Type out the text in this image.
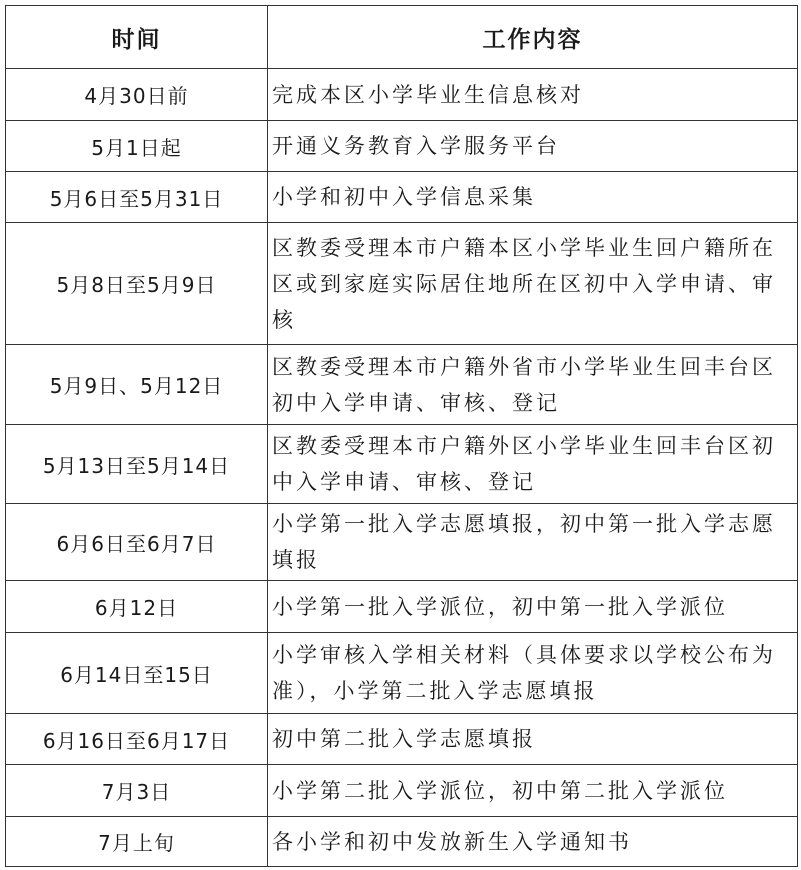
时间	工作内容
4月30日前	完成本区小学毕业生信息核对
5月1日起	开通义务教育入学服务平台
5月6日至5月31日	小学和初中入学信息采集
5月8日至5月9日	区教委受理本市户籍本区小学毕业生回户籍所在区或到家庭实际居住地所在区初中入学申请、审核
5月9日、5月12日	区教委受理本市户籍外省市小学毕业生回丰台区初中入学申请、审核、登记
5月13日至5月14日	区教委受理本市户籍外区小学毕业生回丰台区初中入学申请、审核、登记
6月6日至6月7日	小学第一批入学志愿填报，初中第一批入学志愿填报
6月12日	小学第一批入学派位，初中第一批入学派位
6月14日至15日	小学审核入学相关材料（具体要求以学校公布为准），小学第二批入学志愿填报
6月16日至6月17日	初中第二批入学志愿填报
7月3日	小学第二批入学派位，初中第二批入学派位
7月上旬	各小学和初中发放新生入学通知书
